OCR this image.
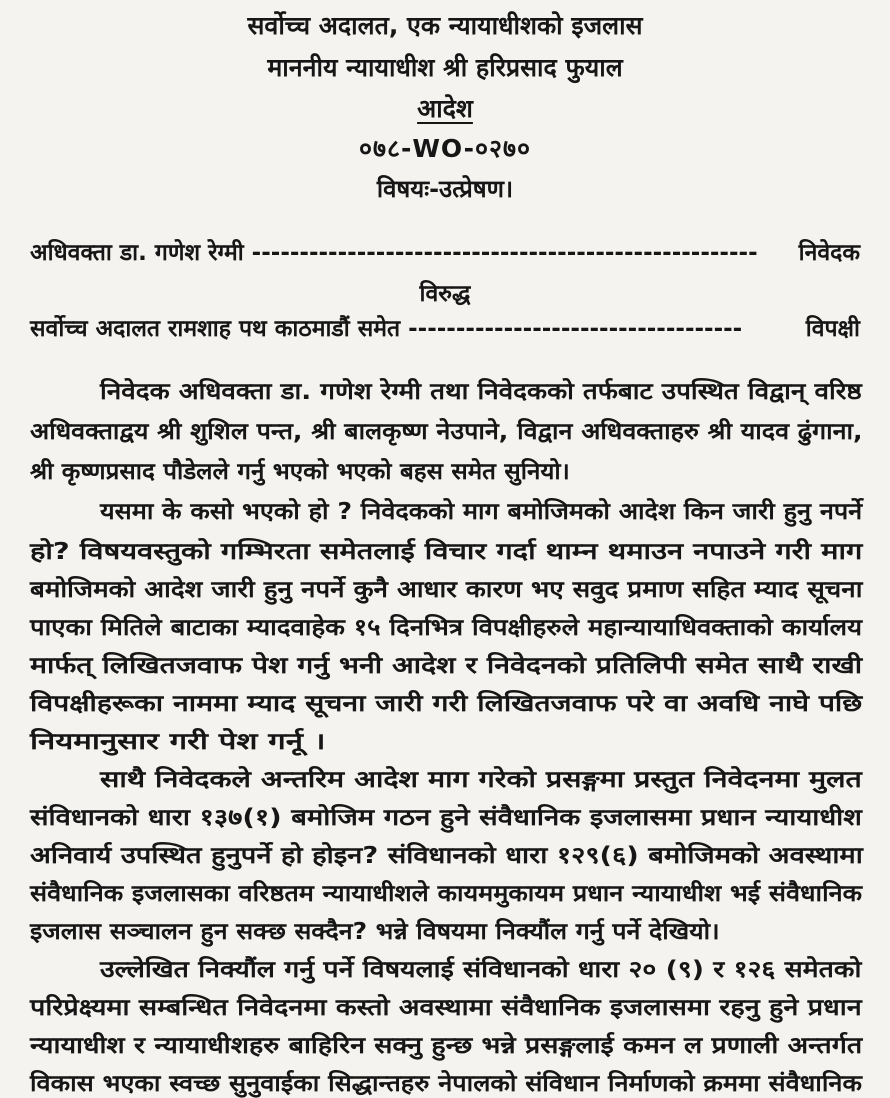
सर्वोच्च अदालत, एक न्यायाधीशको इजलास
माननीय न्यायाधीश श्री हरिप्रसाद फुयाल
आदेश
०७८-WO-०२७०
विषयः-उत्प्रेषण।
अधिवक्ता डा. गणेश रेग्मी ----------------------------------------------------- निवेदक
विरुद्ध
सर्वोच्च अदालत रामशाह पथ काठमाडौं समेत -----------------------------------	विपक्षी
निवेदक अधिवक्ता डा. गणेश रेग्मी तथा निवेदकको तर्फबाट उपस्थित विद्वान् वरिष्ठ
अधिवक्ताद्वय श्री शुशिल पन्त, श्री बालकृष्ण नेउपाने, विद्वान अधिवक्ताहरु श्री यादव ढुंगाना,
श्री कृष्णप्रसाद पौडेलले गर्नु भएको भएको बहस समेत सुनियो।
यसमा के कसो भएको हो ? निवेदकको माग बमोजिमको आदेश किन जारी हुनु नपर्ने
हो? विषयवस्तुको गम्भिरता समेतलाई विचार गर्दा थाम्न थमाउन नपाउने गरी माग
बमोजिमको आदेश जारी हुनु नपर्ने कुनै आधार कारण भए सवुद प्रमाण सहित म्याद सूचना
पाएका मितिले बाटाका म्यादवाहेक १५ दिनभित्र विपक्षीहरुले महान्यायाधिवक्ताको कार्यालय
मार्फत् लिखितजवाफ पेश गर्नु भनी आदेश र निवेदनको प्रतिलिपी समेत साथै राखी
विपक्षीहरूका नाममा म्याद सूचना जारी गरी लिखितजवाफ परे वा अवधि नाघे पछि
नियमानुसार गरी पेश गर्नू ।
साथै निवेदकले अन्तरिम आदेश माग गरेको प्रसङ्गमा प्रस्तुत निवेदनमा मुलत
संविधानको धारा १३७(१) बमोजिम गठन हुने संवैधानिक इजलासमा प्रधान न्यायाधीश
अनिवार्य उपस्थित हुनुपर्ने हो होइन? संविधानको धारा १२९(६) बमोजिमको अवस्थामा
संवैधानिक इजलासका वरिष्ठतम न्यायाधीशले कायममुकायम प्रधान न्यायाधीश भई संवैधानिक
इजलास सञ्चालन हुन सक्छ सक्दैन? भन्ने विषयमा निक्यौंल गर्नु पर्ने देखियो।
उल्लेखित निक्यौंल गर्नु पर्ने विषयलाई संविधानको धारा २० (९) र १२६ समेतको
परिप्रेक्ष्यमा सम्बन्धित निवेदनमा कस्तो अवस्थामा संवैधानिक इजलासमा रहनु हुने प्रधान
न्यायाधीश र न्यायाधीशहरु बाहिरिन सक्नु हुन्छ भन्ने प्रसङ्गलाई कमन ल प्रणाली अन्तर्गत
विकास भएका स्वच्छ सुनुवाईका सिद्धान्तहरु नेपालको संविधान निर्माणको क्रममा संवैधानिक
